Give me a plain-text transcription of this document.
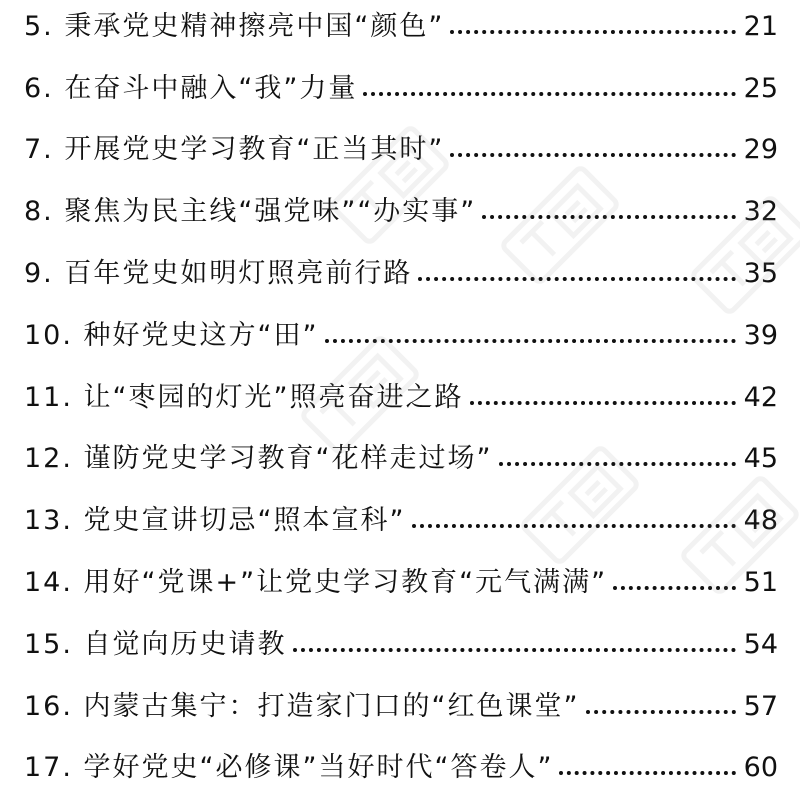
5. 秉承党史精神擦亮中国“颜色”	21
6. 在奋斗中融入“我”力量	25
7. 开展党史学习教育“正当其时”	29
8. 聚焦为民主线“强党味”“办实事”	32
9. 百年党史如明灯照亮前行路	35
10. 种好党史这方“田”	39
11. 让“枣园的灯光”照亮奋进之路	42
12. 谨防党史学习教育“花样走过场”	45
13. 党史宣讲切忌“照本宣科”	48
14. 用好“党课+”让党史学习教育“元气满满”	51
15. 自觉向历史请教	54
16. 内蒙古集宁：打造家门口的“红色课堂”	57
17. 学好党史“必修课”当好时代“答卷人”	60
